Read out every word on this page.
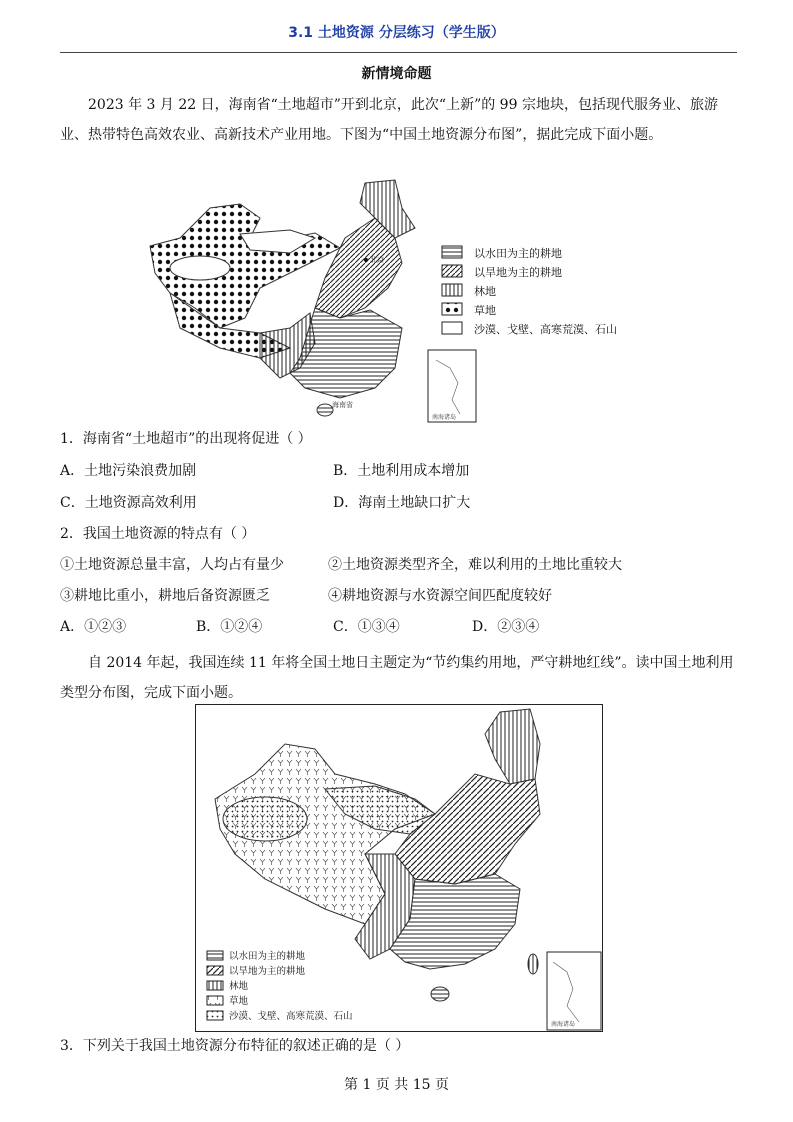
3.1 土地资源 分层练习（学生版）
新情境命题
2023 年 3 月 22 日，海南省“土地超市”开到北京，此次“上新”的 99 宗地块，包括现代服务业、旅游业、热带特色高效农业、高新技术产业用地。下图为“中国土地资源分布图”，据此完成下面小题。
海南省
北京
南海诸岛
以水田为主的耕地
以旱地为主的耕地
林地
草地
沙漠、戈壁、高寒荒漠、石山
1．海南省“土地超市”的出现将促进（ ）
A．土地污染浪费加剧	B．土地利用成本增加
C．土地资源高效利用	D．海南土地缺口扩大
2．我国土地资源的特点有（ ）
①土地资源总量丰富，人均占有量少	②土地资源类型齐全，难以利用的土地比重较大
③耕地比重小，耕地后备资源匮乏	④耕地资源与水资源空间匹配度较好
A．①②③	B．①②④	C．①③④	D．②③④
自 2014 年起，我国连续 11 年将全国土地日主题定为“节约集约用地，严守耕地红线”。读中国土地利用类型分布图，完成下面小题。
南海诸岛
以水田为主的耕地
以旱地为主的耕地
林地
草地
沙漠、戈壁、高寒荒漠、石山
3．下列关于我国土地资源分布特征的叙述正确的是（ ）
第 1 页 共 15 页
